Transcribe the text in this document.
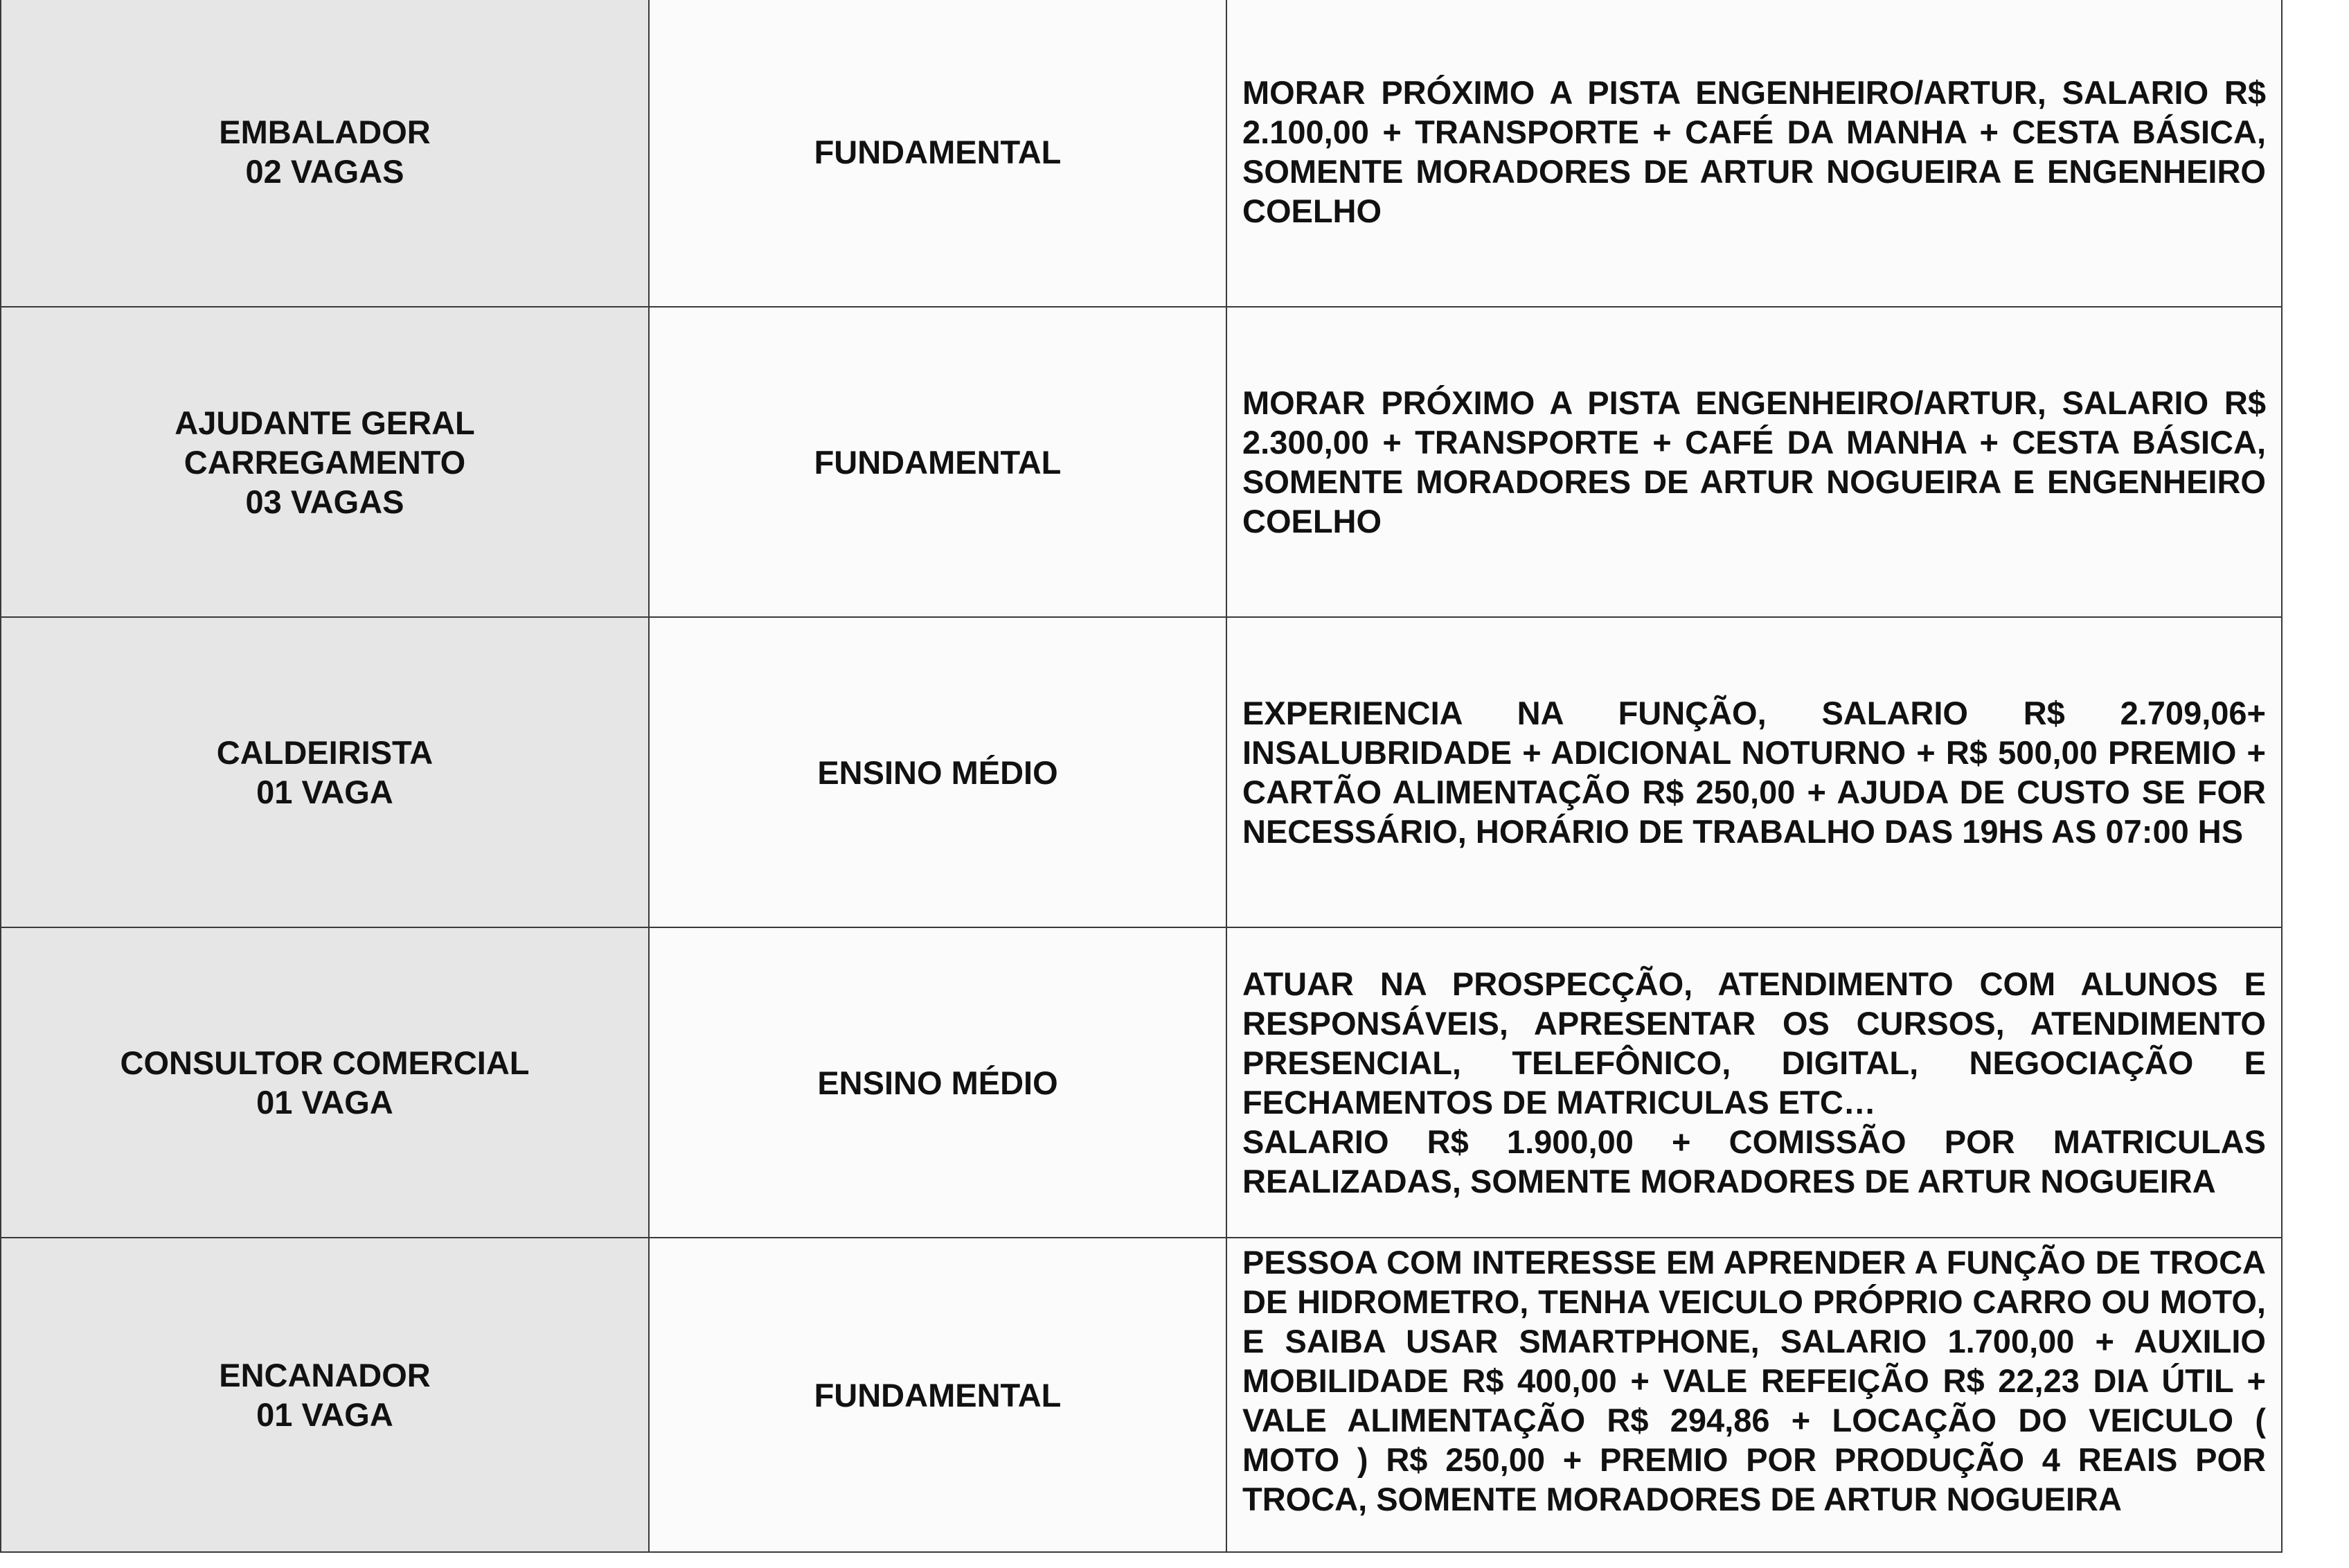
EMBALADOR
02 VAGAS	FUNDAMENTAL	MORAR PRÓXIMO A PISTA ENGENHEIRO/ARTUR, SALARIO R$ 2.100,00 + TRANSPORTE + CAFÉ DA MANHA + CESTA BÁSICA, SOMENTE MORADORES DE ARTUR NOGUEIRA E ENGENHEIRO COELHO

AJUDANTE GERAL
CARREGAMENTO
03 VAGAS	FUNDAMENTAL	MORAR PRÓXIMO A PISTA ENGENHEIRO/ARTUR, SALARIO R$ 2.300,00 + TRANSPORTE + CAFÉ DA MANHA + CESTA BÁSICA, SOMENTE MORADORES DE ARTUR NOGUEIRA E ENGENHEIRO COELHO

CALDEIRISTA
01 VAGA	ENSINO MÉDIO	EXPERIENCIA NA FUNÇÃO, SALARIO R$ 2.709,06+ INSALUBRIDADE + ADICIONAL NOTURNO + R$ 500,00 PREMIO + CARTÃO ALIMENTAÇÃO R$ 250,00 + AJUDA DE CUSTO SE FOR NECESSÁRIO, HORÁRIO DE TRABALHO DAS 19HS AS 07:00 HS

CONSULTOR COMERCIAL
01 VAGA	ENSINO MÉDIO	ATUAR NA PROSPECÇÃO, ATENDIMENTO COM ALUNOS E RESPONSÁVEIS, APRESENTAR OS CURSOS, ATENDIMENTO PRESENCIAL, TELEFÔNICO, DIGITAL, NEGOCIAÇÃO E FECHAMENTOS DE MATRICULAS ETC…
SALARIO R$ 1.900,00 + COMISSÃO POR MATRICULAS REALIZADAS, SOMENTE MORADORES DE ARTUR NOGUEIRA

ENCANADOR
01 VAGA	FUNDAMENTAL	PESSOA COM INTERESSE EM APRENDER A FUNÇÃO DE TROCA DE HIDROMETRO, TENHA VEICULO PRÓPRIO CARRO OU MOTO, E SAIBA USAR SMARTPHONE, SALARIO 1.700,00 + AUXILIO MOBILIDADE R$ 400,00 + VALE REFEIÇÃO R$ 22,23 DIA ÚTIL + VALE ALIMENTAÇÃO R$ 294,86 + LOCAÇÃO DO VEICULO ( MOTO ) R$ 250,00 + PREMIO POR PRODUÇÃO 4 REAIS POR TROCA, SOMENTE MORADORES DE ARTUR NOGUEIRA
